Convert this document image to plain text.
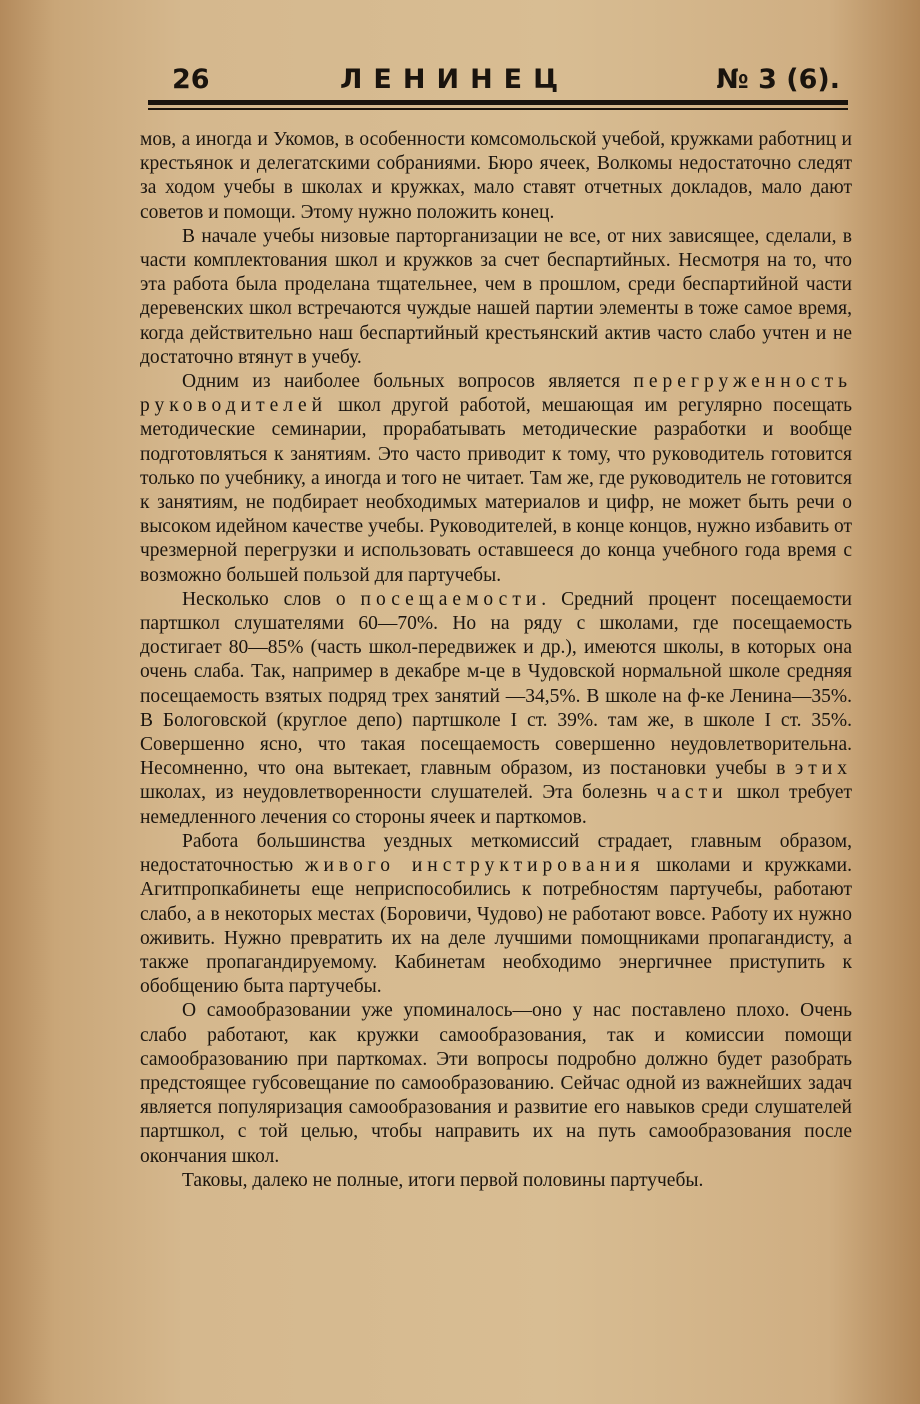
26	ЛЕНИНЕЦ	№ 3 (6).

мов, а иногда и Укомов, в особенности комсомольской учебой, кружками работниц и крестьянок и делегатскими собраниями. Бюро ячеек, Волкомы недостаточно следят за ходом учебы в школах и кружках, мало ставят отчетных докладов, мало дают советов и помощи. Этому нужно положить конец.

В начале учебы низовые парторганизации не все, от них зависящее, сделали, в части комплектования школ и кружков за счет беспартийных. Несмотря на то, что эта работа была проделана тщательнее, чем в прошлом, среди беспартийной части деревенских школ встречаются чуждые нашей партии элементы в тоже самое время, когда действительно наш беспартийный крестьянский актив часто слабо учтен и не достаточно втянут в учебу.

Одним из наиболее больных вопросов является перегруженность руководителей школ другой работой, мешающая им регулярно посещать методические семинарии, прорабатывать методические разработки и вообще подготовляться к занятиям. Это часто приводит к тому, что руководитель готовится только по учебнику, а иногда и того не читает. Там же, где руководитель не готовится к занятиям, не подбирает необходимых материалов и цифр, не может быть речи о высоком идейном качестве учебы. Руководителей, в конце концов, нужно избавить от чрезмерной перегрузки и использовать оставшееся до конца учебного года время с возможно большей пользой для партучебы.

Несколько слов о посещаемости. Средний процент посещаемости партшкол слушателями 60—70%. Но на ряду с школами, где посещаемость достигает 80—85% (часть школ-передвижек и др.), имеются школы, в которых она очень слаба. Так, например в декабре м-це в Чудовской нормальной школе средняя посещаемость взятых подряд трех занятий —34,5%. В школе на ф-ке Ленина—35%. В Бологовской (круглое депо) партшколе I ст. 39%. там же, в школе I ст. 35%. Совершенно ясно, что такая посещаемость совершенно неудовлетворительна. Несомненно, что она вытекает, главным образом, из постановки учебы в этих школах, из неудовлетворенности слушателей. Эта болезнь части школ требует немедленного лечения со стороны ячеек и парткомов.

Работа большинства уездных меткомиссий страдает, главным образом, недостаточностью живого инструктирования школами и кружками. Агитпропкабинеты еще неприспособились к потребностям партучебы, работают слабо, а в некоторых местах (Боровичи, Чудово) не работают вовсе. Работу их нужно оживить. Нужно превратить их на деле лучшими помощниками пропагандисту, а также пропагандируемому. Кабинетам необходимо энергичнее приступить к обобщению быта партучебы.

О самообразовании уже упоминалось—оно у нас поставлено плохо. Очень слабо работают, как кружки самообразования, так и комиссии помощи самообразованию при парткомах. Эти вопросы подробно должно будет разобрать предстоящее губсовещание по самообразованию. Сейчас одной из важнейших задач является популяризация самообразования и развитие его навыков среди слушателей партшкол, с той целью, чтобы направить их на путь самообразования после окончания школ.

Таковы, далеко не полные, итоги первой половины партучебы.
